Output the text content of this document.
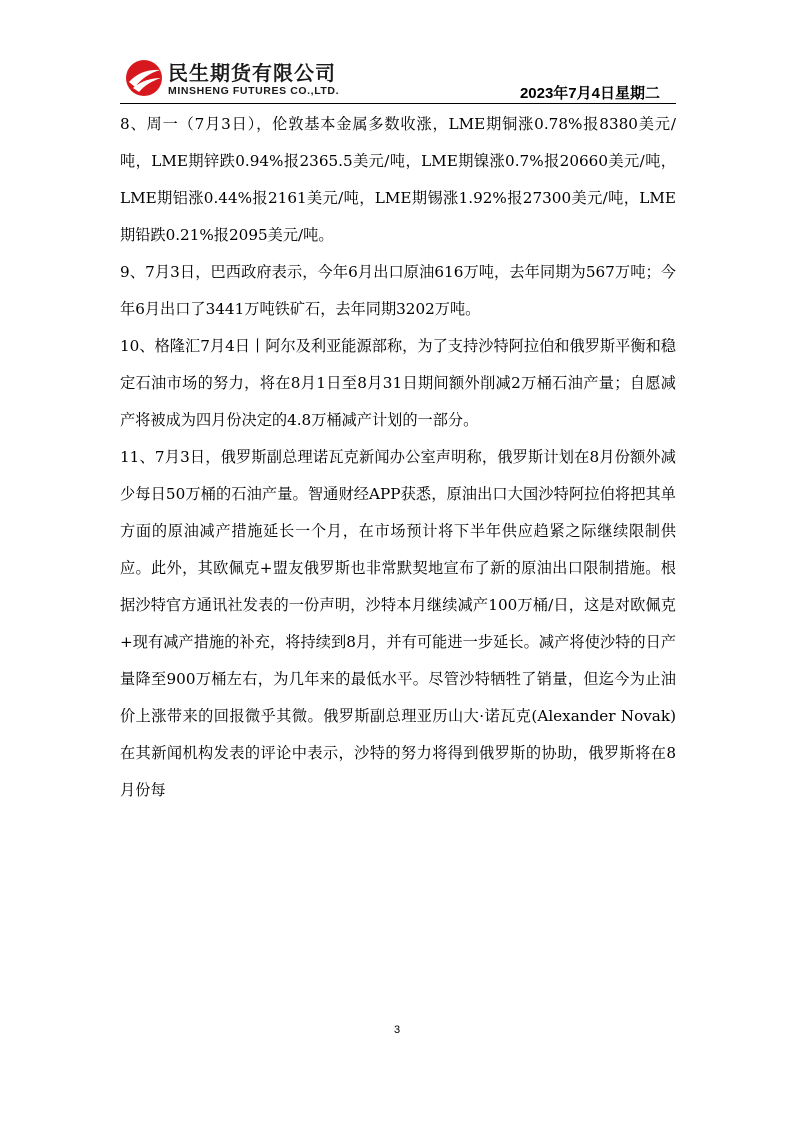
民生期货有限公司
MINSHENG FUTURES CO.,LTD.	2023年7月4日星期二

8、周一（7月3日），伦敦基本金属多数收涨，LME期铜涨0.78%报8380美元/吨，LME期锌跌0.94%报2365.5美元/吨，LME期镍涨0.7%报20660美元/吨，LME期铝涨0.44%报2161美元/吨，LME期锡涨1.92%报27300美元/吨，LME期铅跌0.21%报2095美元/吨。

9、7月3日，巴西政府表示，今年6月出口原油616万吨，去年同期为567万吨；今年6月出口了3441万吨铁矿石，去年同期3202万吨。

10、格隆汇7月4日丨阿尔及利亚能源部称，为了支持沙特阿拉伯和俄罗斯平衡和稳定石油市场的努力，将在8月1日至8月31日期间额外削减2万桶石油产量；自愿减产将被成为四月份决定的4.8万桶减产计划的一部分。

11、7月3日，俄罗斯副总理诺瓦克新闻办公室声明称，俄罗斯计划在8月份额外减少每日50万桶的石油产量。智通财经APP获悉，原油出口大国沙特阿拉伯将把其单方面的原油减产措施延长一个月，在市场预计将下半年供应趋紧之际继续限制供应。此外，其欧佩克+盟友俄罗斯也非常默契地宣布了新的原油出口限制措施。根据沙特官方通讯社发表的一份声明，沙特本月继续减产100万桶/日，这是对欧佩克+现有减产措施的补充，将持续到8月，并有可能进一步延长。减产将使沙特的日产量降至900万桶左右，为几年来的最低水平。尽管沙特牺牲了销量，但迄今为止油价上涨带来的回报微乎其微。俄罗斯副总理亚历山大·诺瓦克(Alexander Novak)在其新闻机构发表的评论中表示，沙特的努力将得到俄罗斯的协助，俄罗斯将在8月份每

3
